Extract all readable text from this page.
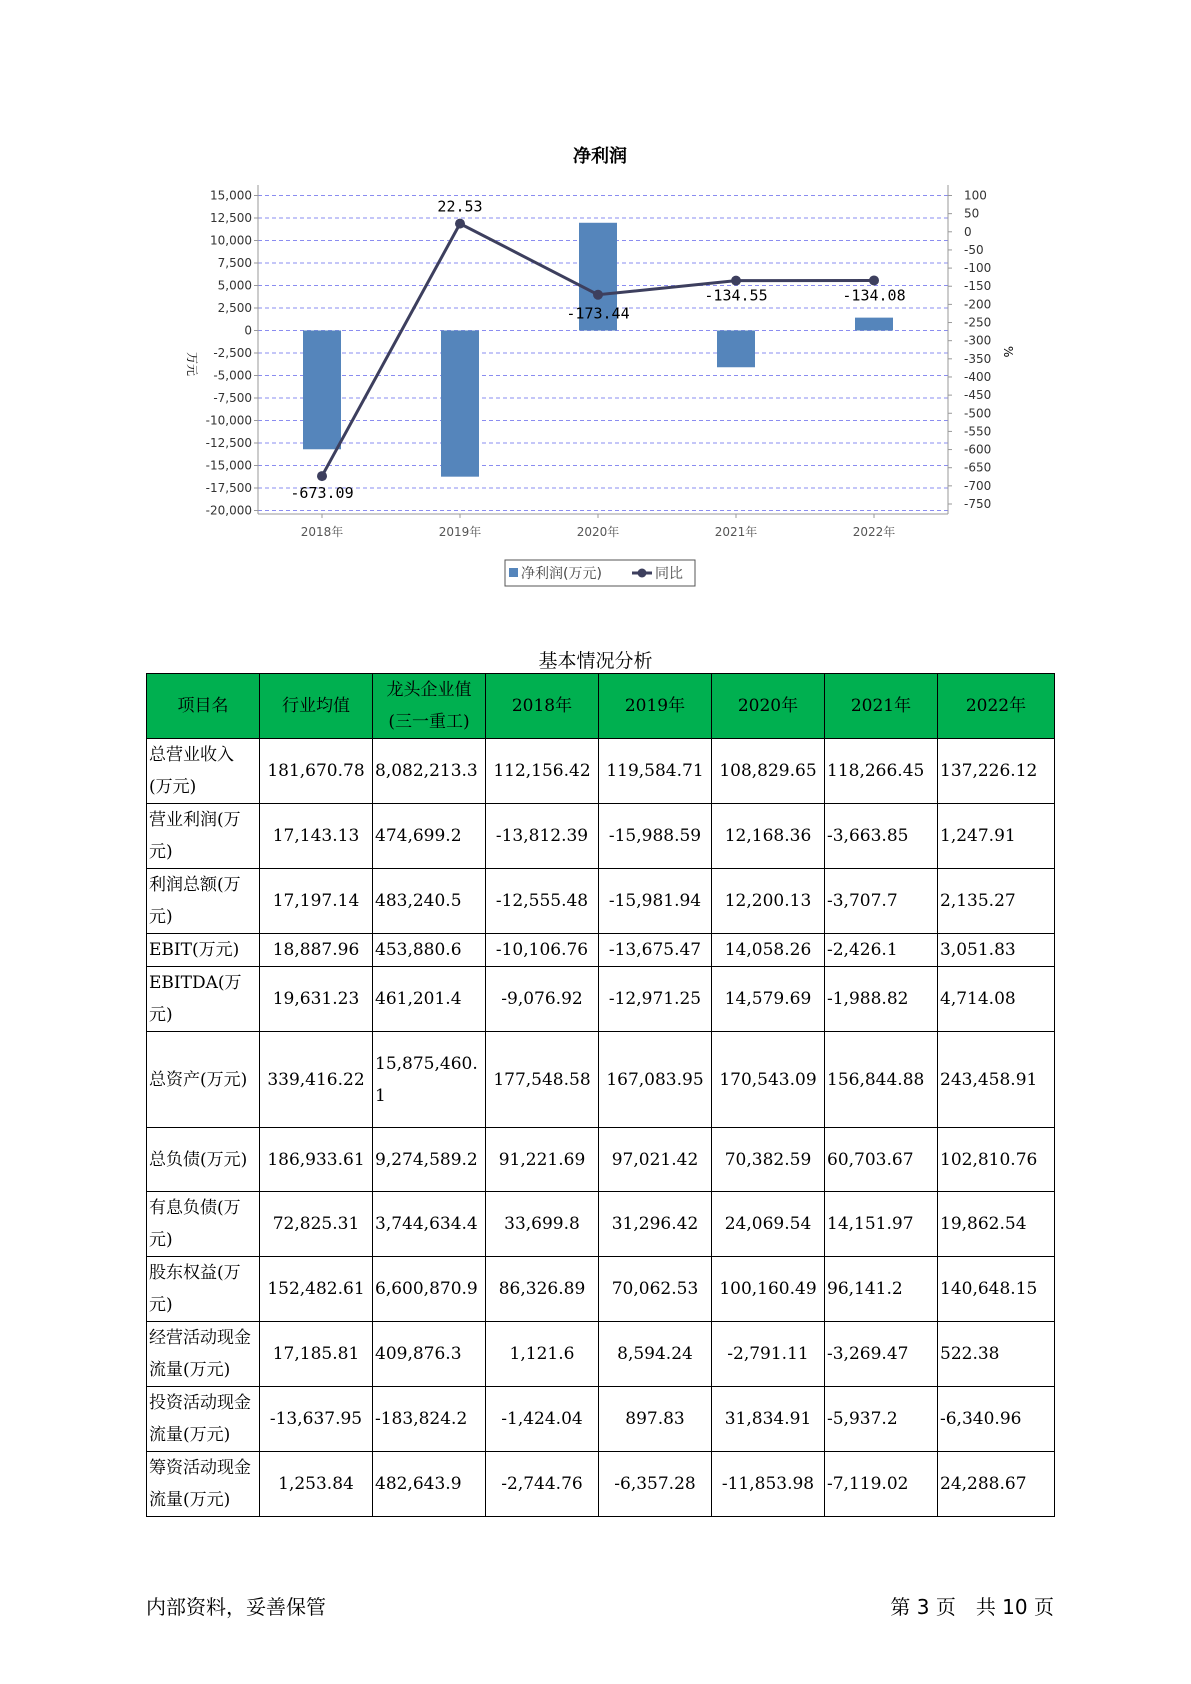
净利润
15,000
12,500
10,000
7,500
5,000
2,500
0
-2,500
-5,000
-7,500
-10,000
-12,500
-15,000
-17,500
-20,000
100
50
0
-50
-100
-150
-200
-250
-300
-350
-400
-450
-500
-550
-600
-650
-700
-750
2018年	2019年	2020年	2021年	2022年
-673.09
22.53
-173.44
-134.55	-134.08
万元
%
净利润(万元)	同比
基本情况分析
项目名	行业均值	龙头企业值(三一重工)	2018年	2019年	2020年	2021年	2022年
总营业收入(万元)	181,670.78	8,082,213.3	112,156.42	119,584.71	108,829.65	118,266.45	137,226.12
营业利润(万元)	17,143.13	474,699.2	-13,812.39	-15,988.59	12,168.36	-3,663.85	1,247.91
利润总额(万元)	17,197.14	483,240.5	-12,555.48	-15,981.94	12,200.13	-3,707.7	2,135.27
EBIT(万元)	18,887.96	453,880.6	-10,106.76	-13,675.47	14,058.26	-2,426.1	3,051.83
EBITDA(万元)	19,631.23	461,201.4	-9,076.92	-12,971.25	14,579.69	-1,988.82	4,714.08
总资产(万元)	339,416.22	15,875,460.1	177,548.58	167,083.95	170,543.09	156,844.88	243,458.91
总负债(万元)	186,933.61	9,274,589.2	91,221.69	97,021.42	70,382.59	60,703.67	102,810.76
有息负债(万元)	72,825.31	3,744,634.4	33,699.8	31,296.42	24,069.54	14,151.97	19,862.54
股东权益(万元)	152,482.61	6,600,870.9	86,326.89	70,062.53	100,160.49	96,141.2	140,648.15
经营活动现金流量(万元)	17,185.81	409,876.3	1,121.6	8,594.24	-2,791.11	-3,269.47	522.38
投资活动现金流量(万元)	-13,637.95	-183,824.2	-1,424.04	897.83	31,834.91	-5,937.2	-6,340.96
筹资活动现金流量(万元)	1,253.84	482,643.9	-2,744.76	-6,357.28	-11,853.98	-7,119.02	24,288.67
内部资料，妥善保管	第 3 页　共 10 页
